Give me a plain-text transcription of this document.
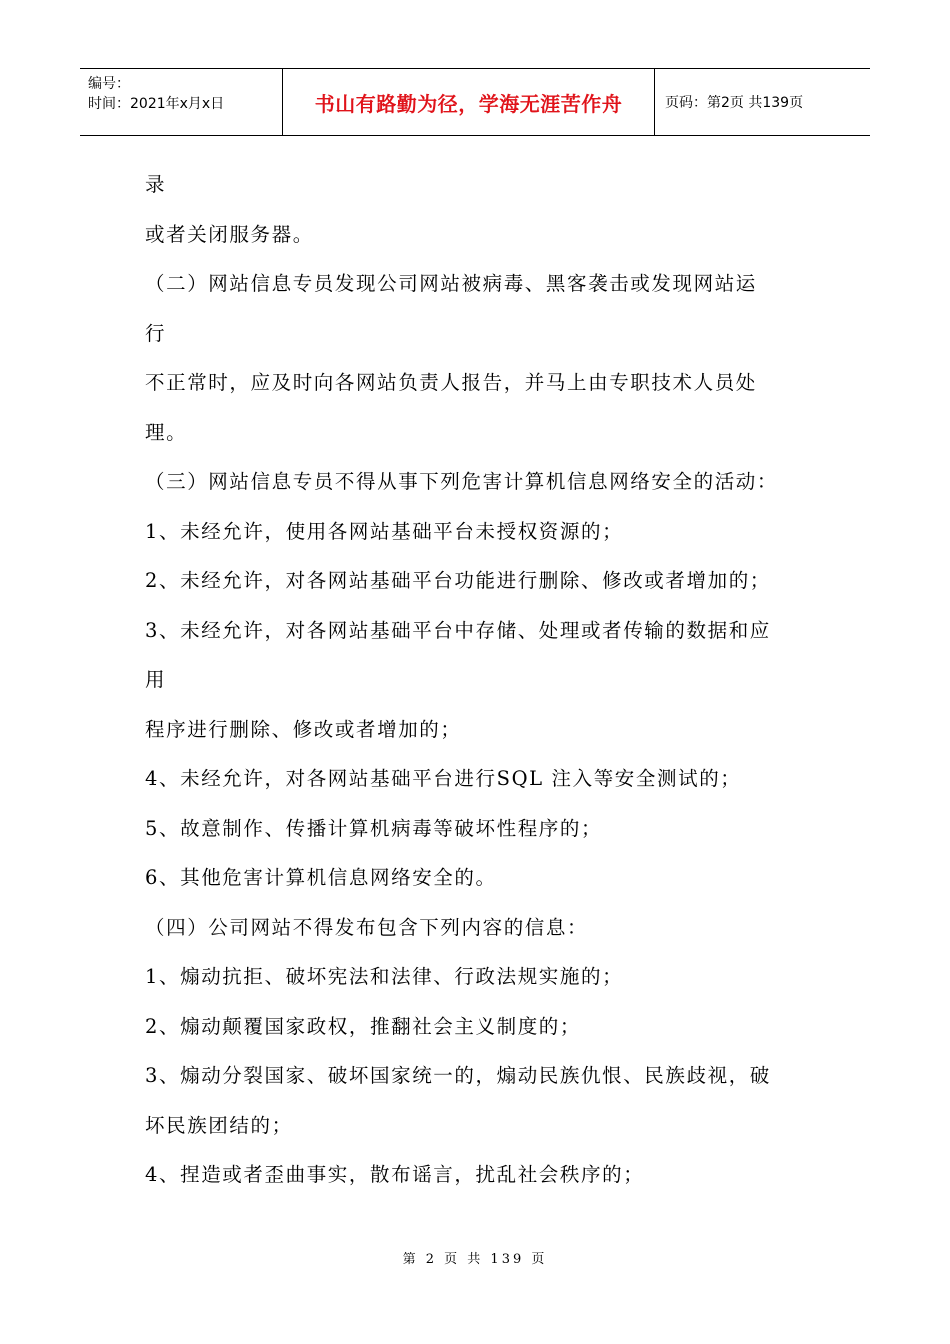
编号：
时间：2021年x月x日	书山有路勤为径，学海无涯苦作舟	页码：第2页 共139页
录
或者关闭服务器。
（二）网站信息专员发现公司网站被病毒、黑客袭击或发现网站运
行
不正常时，应及时向各网站负责人报告，并马上由专职技术人员处
理。
（三）网站信息专员不得从事下列危害计算机信息网络安全的活动：
1、未经允许，使用各网站基础平台未授权资源的；
2、未经允许，对各网站基础平台功能进行删除、修改或者增加的；
3、未经允许，对各网站基础平台中存储、处理或者传输的数据和应
用
程序进行删除、修改或者增加的；
4、未经允许，对各网站基础平台进行SQL 注入等安全测试的；
5、故意制作、传播计算机病毒等破坏性程序的；
6、其他危害计算机信息网络安全的。
（四）公司网站不得发布包含下列内容的信息：
1、煽动抗拒、破坏宪法和法律、行政法规实施的；
2、煽动颠覆国家政权，推翻社会主义制度的；
3、煽动分裂国家、破坏国家统一的，煽动民族仇恨、民族歧视，破
坏民族团结的；
4、捏造或者歪曲事实，散布谣言，扰乱社会秩序的；
第 2 页 共 139 页
